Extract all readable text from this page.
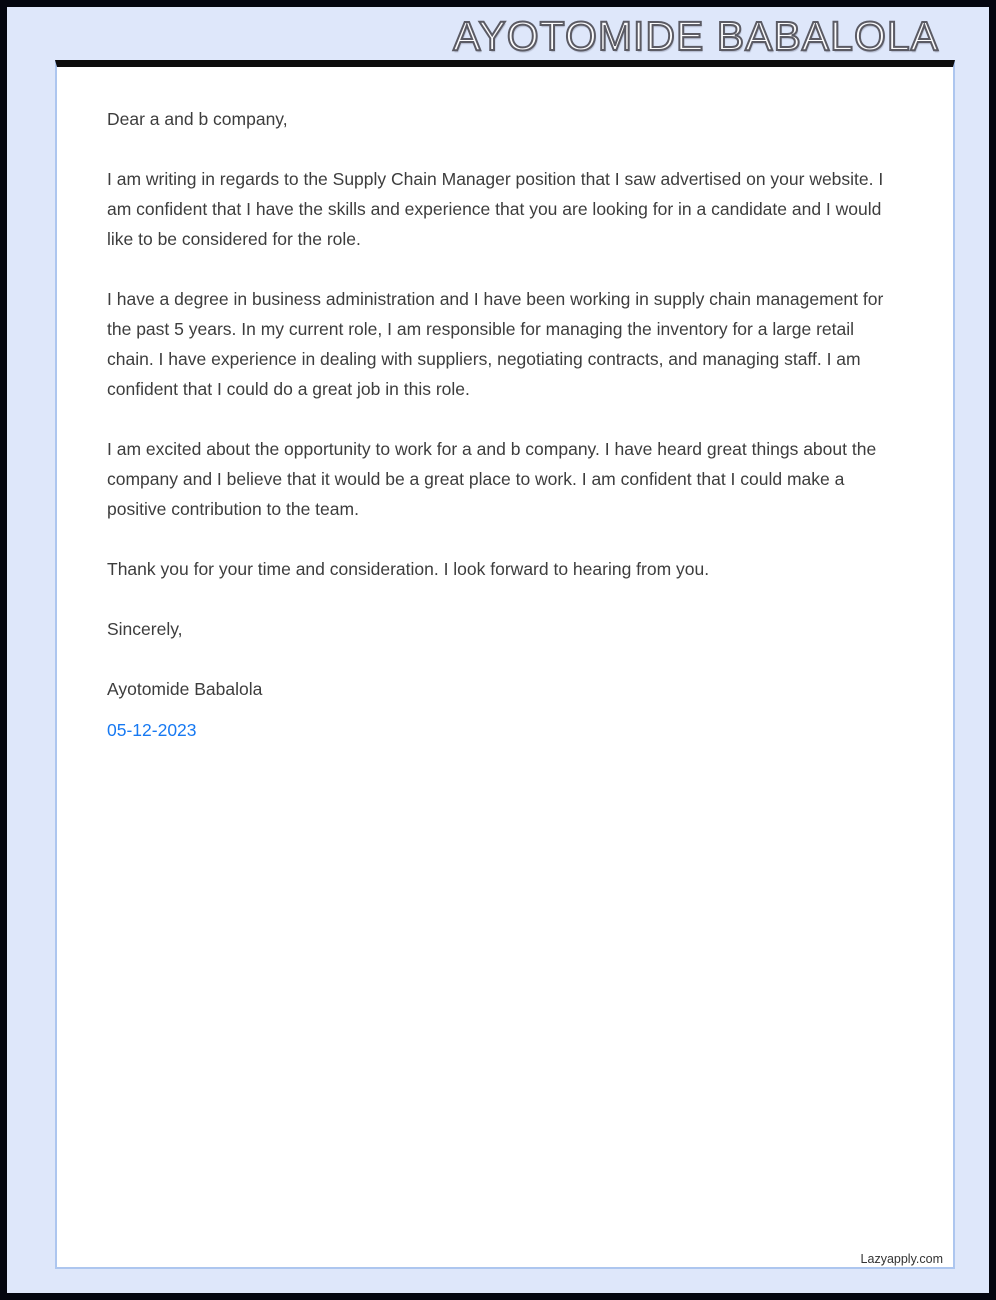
AYOTOMIDE BABALOLA

Dear a and b company,

I am writing in regards to the Supply Chain Manager position that I saw advertised on your website. I am confident that I have the skills and experience that you are looking for in a candidate and I would like to be considered for the role.

I have a degree in business administration and I have been working in supply chain management for the past 5 years. In my current role, I am responsible for managing the inventory for a large retail chain. I have experience in dealing with suppliers, negotiating contracts, and managing staff. I am confident that I could do a great job in this role.

I am excited about the opportunity to work for a and b company. I have heard great things about the company and I believe that it would be a great place to work. I am confident that I could make a positive contribution to the team.

Thank you for your time and consideration. I look forward to hearing from you.

Sincerely,

Ayotomide Babalola

05-12-2023

Lazyapply.com
